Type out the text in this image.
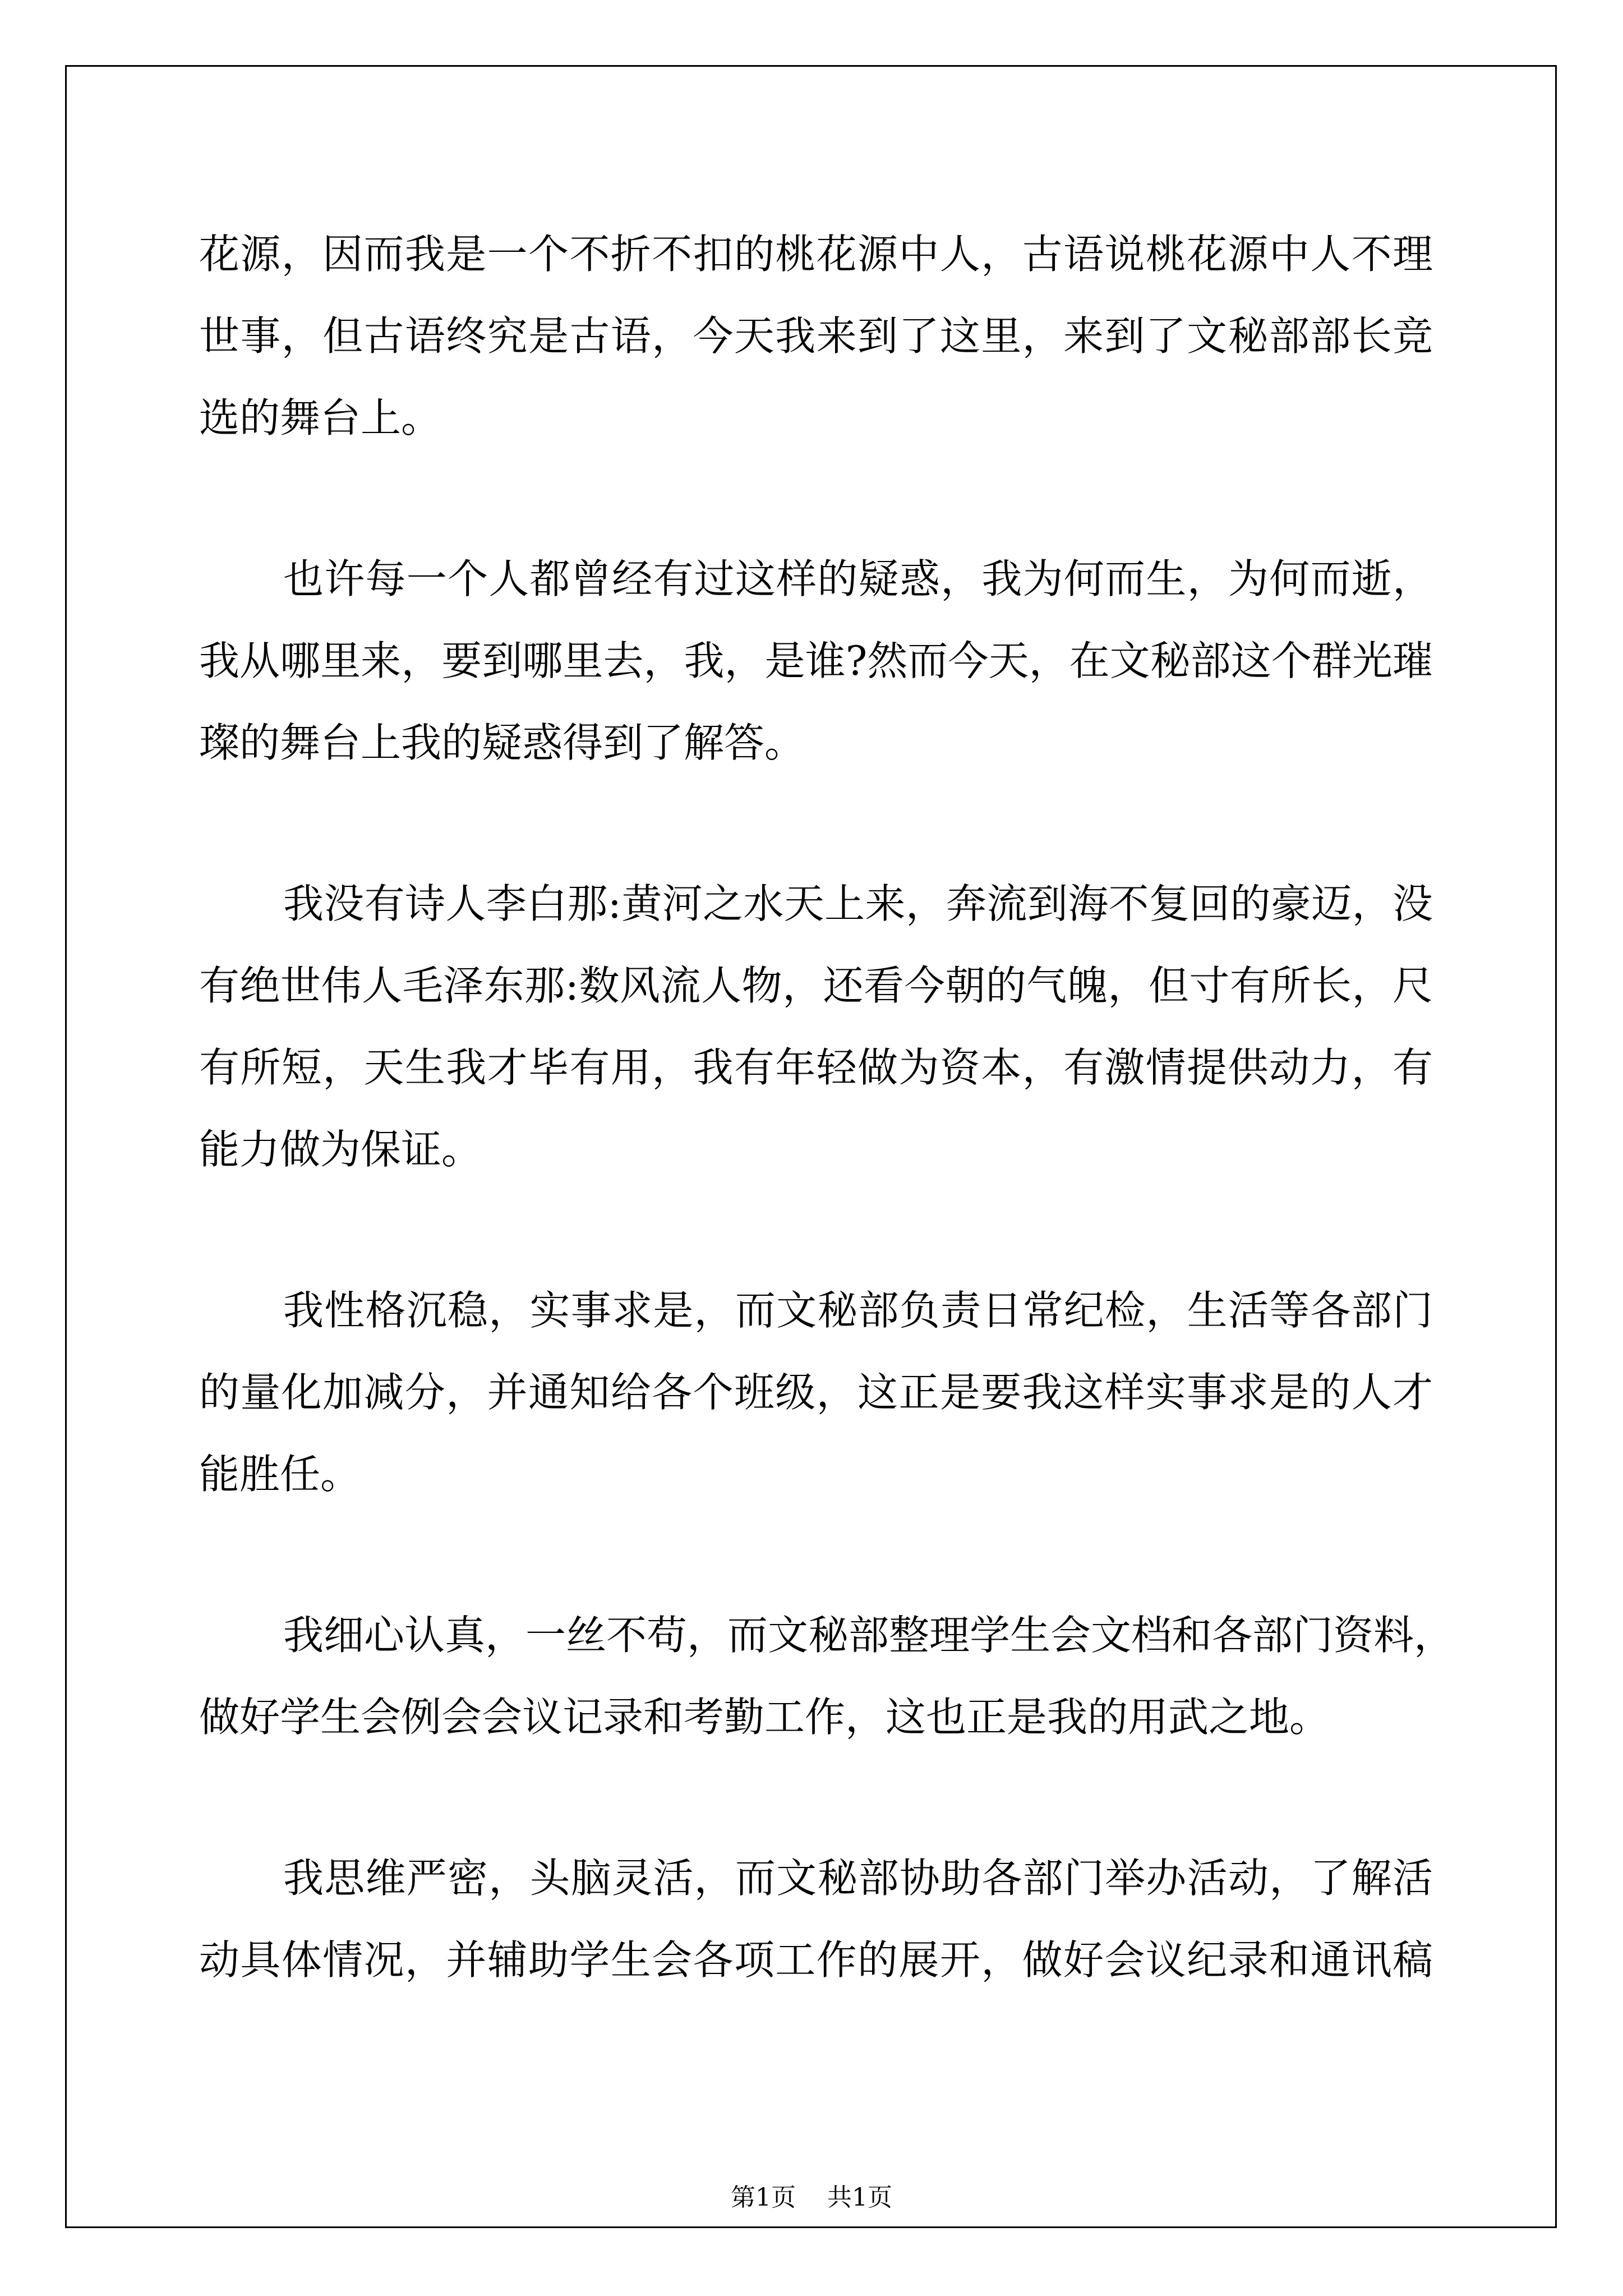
花源，因而我是一个不折不扣的桃花源中人，古语说桃花源中人不理
世事，但古语终究是古语，今天我来到了这里，来到了文秘部部长竞
选的舞台上。
也许每一个人都曾经有过这样的疑惑，我为何而生，为何而逝，
我从哪里来，要到哪里去，我，是谁?然而今天，在文秘部这个群光璀
璨的舞台上我的疑惑得到了解答。
我没有诗人李白那:黄河之水天上来，奔流到海不复回的豪迈，没
有绝世伟人毛泽东那:数风流人物，还看今朝的气魄，但寸有所长，尺
有所短，天生我才毕有用，我有年轻做为资本，有激情提供动力，有
能力做为保证。
我性格沉稳，实事求是，而文秘部负责日常纪检，生活等各部门
的量化加减分，并通知给各个班级，这正是要我这样实事求是的人才
能胜任。
我细心认真，一丝不苟，而文秘部整理学生会文档和各部门资料，
做好学生会例会会议记录和考勤工作，这也正是我的用武之地。
我思维严密，头脑灵活，而文秘部协助各部门举办活动，了解活
动具体情况，并辅助学生会各项工作的展开，做好会议纪录和通讯稿
第1页 共1页
